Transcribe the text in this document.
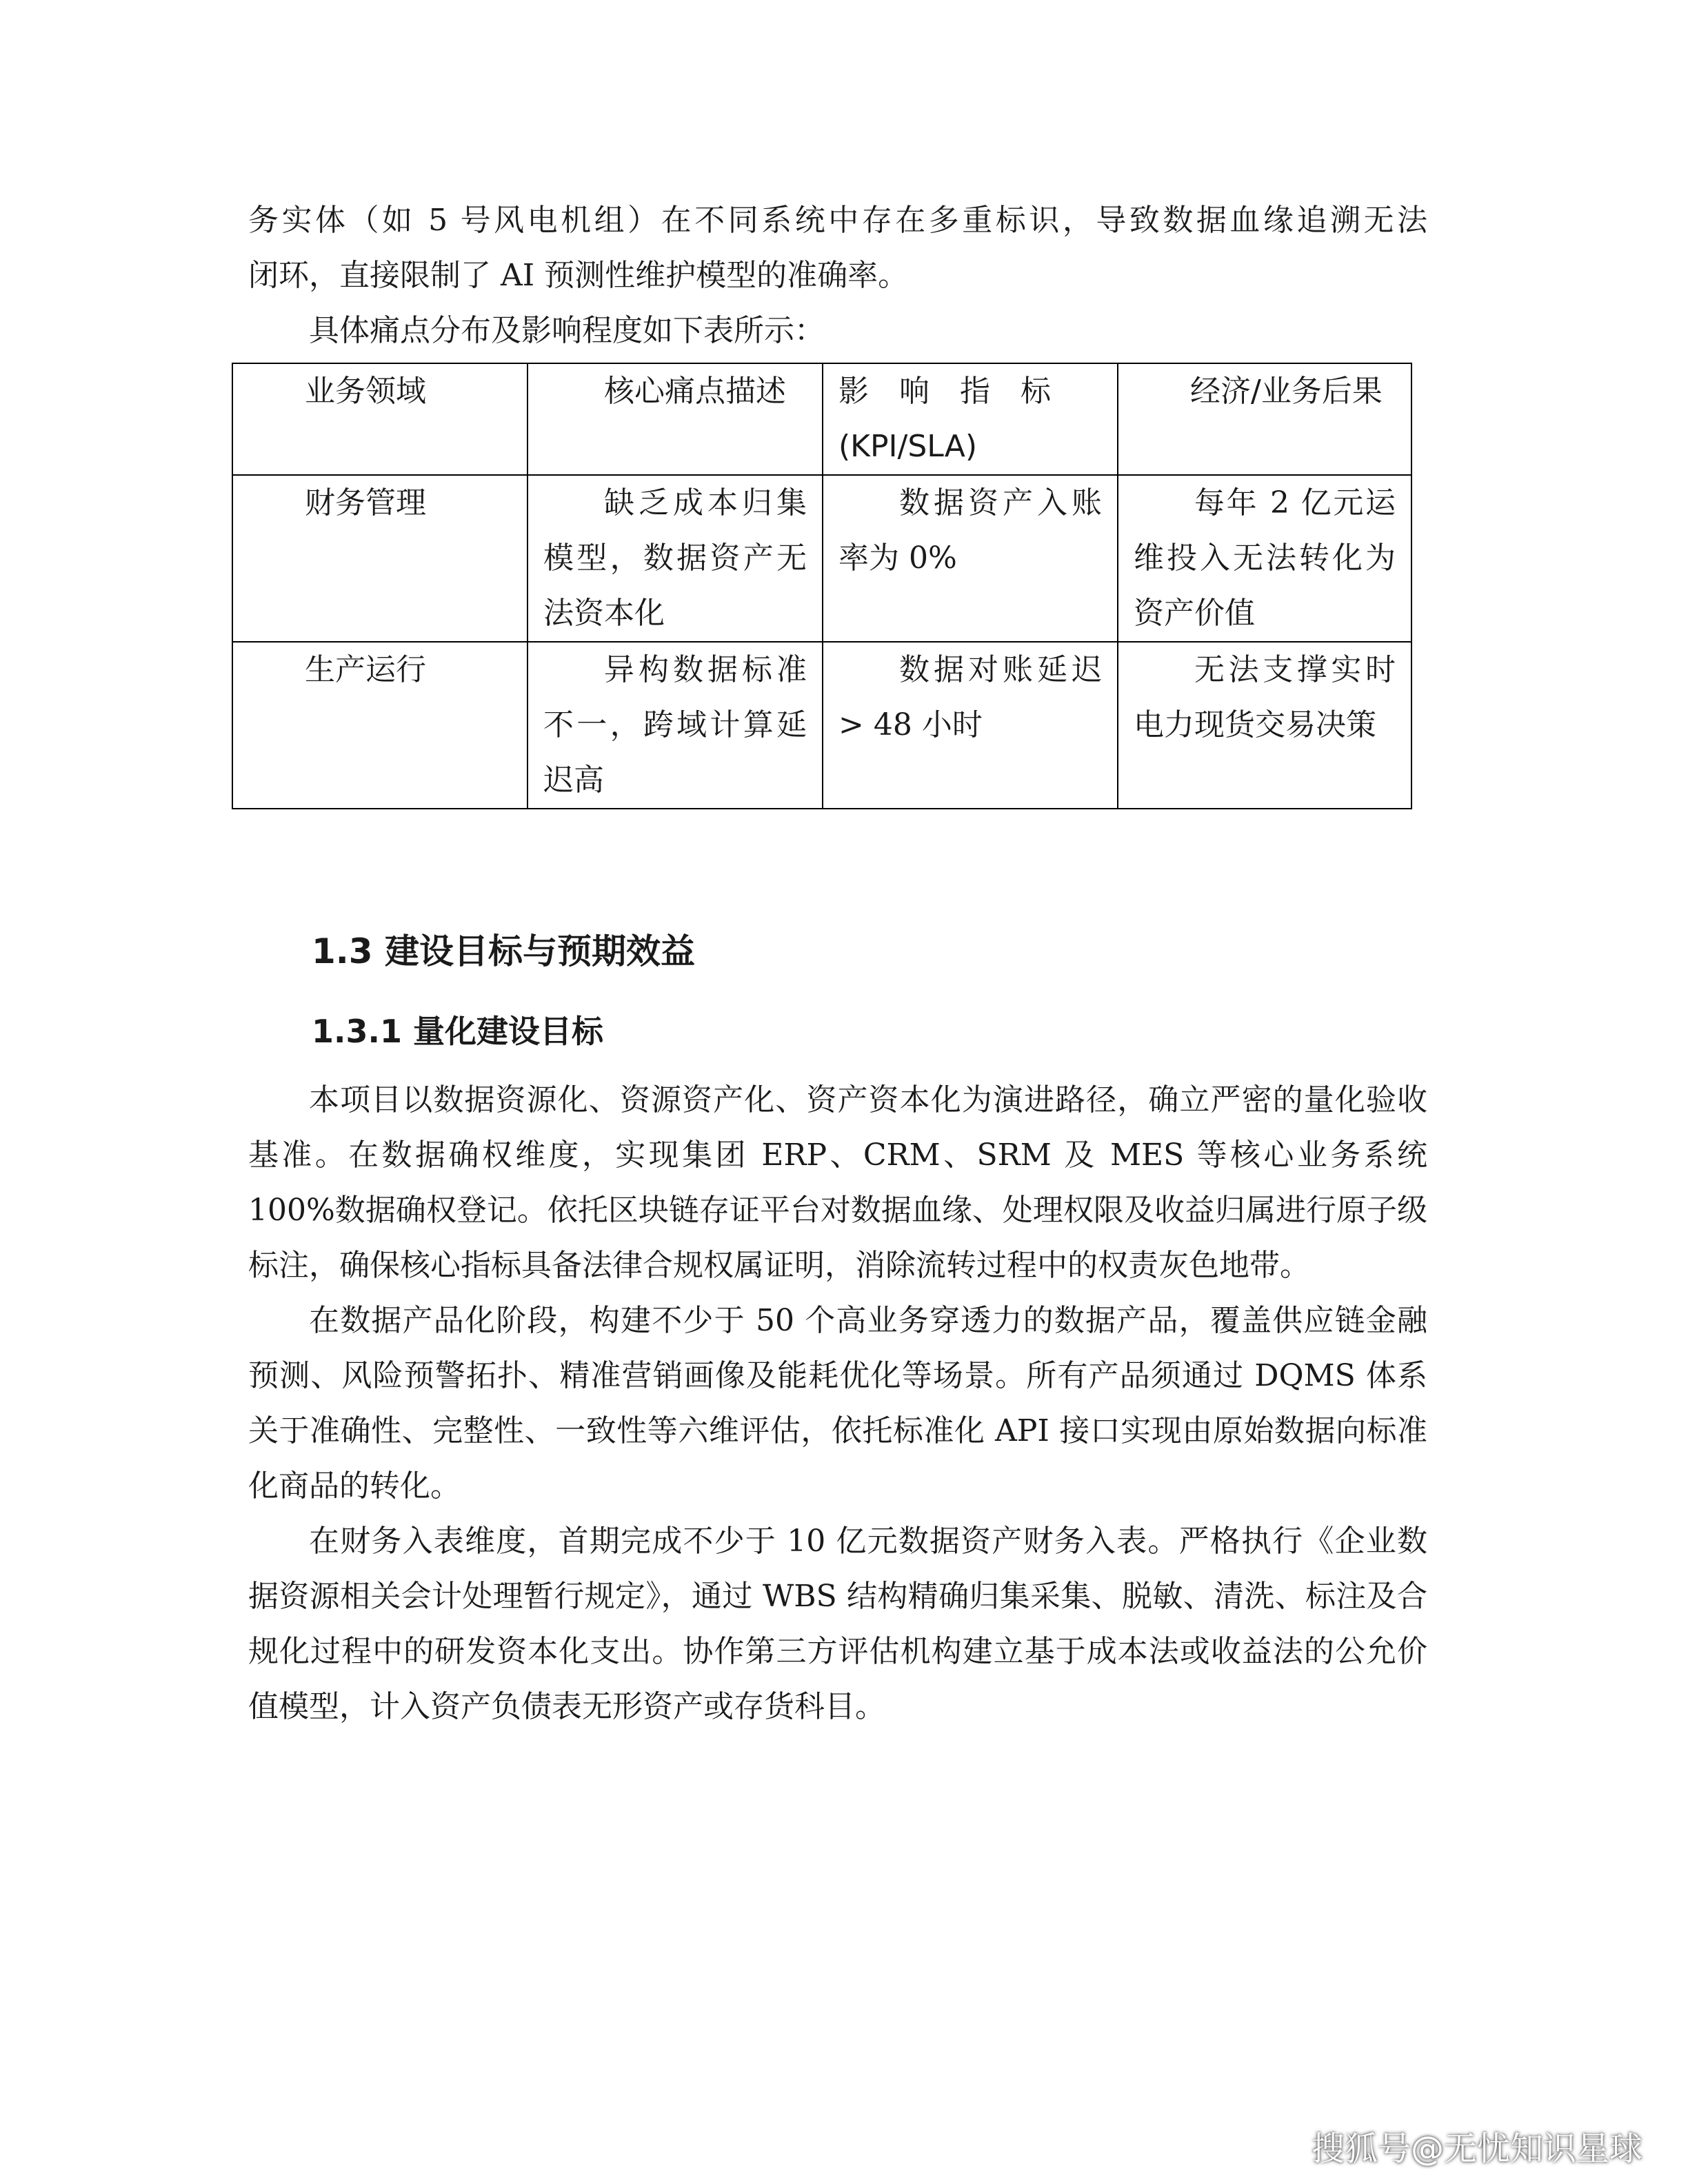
务实体（如 5 号风电机组）在不同系统中存在多重标识，导致数据血缘追溯无法

闭环，直接限制了 AI 预测性维护模型的准确率。

具体痛点分布及影响程度如下表所示：
业务领域	核心痛点描述	影　响　指　标 (KPI/SLA)	经济/业务后果
财务管理	缺乏成本归集模型，数据资产无法资本化	数据资产入账率为 0%	每年 2 亿元运维投入无法转化为资产价值
生产运行	异构数据标准不一，跨域计算延迟高	数据对账延迟 > 48 小时	无法支撑实时电力现货交易决策
1.3 建设目标与预期效益
1.3.1 量化建设目标

本项目以数据资源化、资源资产化、资产资本化为演进路径，确立严密的量化验收基准。在数据确权维度，实现集团 ERP、CRM、SRM 及 MES 等核心业务系统 100%数据确权登记。依托区块链存证平台对数据血缘、处理权限及收益归属进行原子级标注，确保核心指标具备法律合规权属证明，消除流转过程中的权责灰色地带。

在数据产品化阶段，构建不少于 50 个高业务穿透力的数据产品，覆盖供应链金融预测、风险预警拓扑、精准营销画像及能耗优化等场景。所有产品须通过 DQMS 体系关于准确性、完整性、一致性等六维评估，依托标准化 API 接口实现由原始数据向标准化商品的转化。

在财务入表维度，首期完成不少于 10 亿元数据资产财务入表。严格执行《企业数据资源相关会计处理暂行规定》，通过 WBS 结构精确归集采集、脱敏、清洗、标注及合规化过程中的研发资本化支出。协作第三方评估机构建立基于成本法或收益法的公允价值模型，计入资产负债表无形资产或存货科目。

搜狐号@无忧知识星球
